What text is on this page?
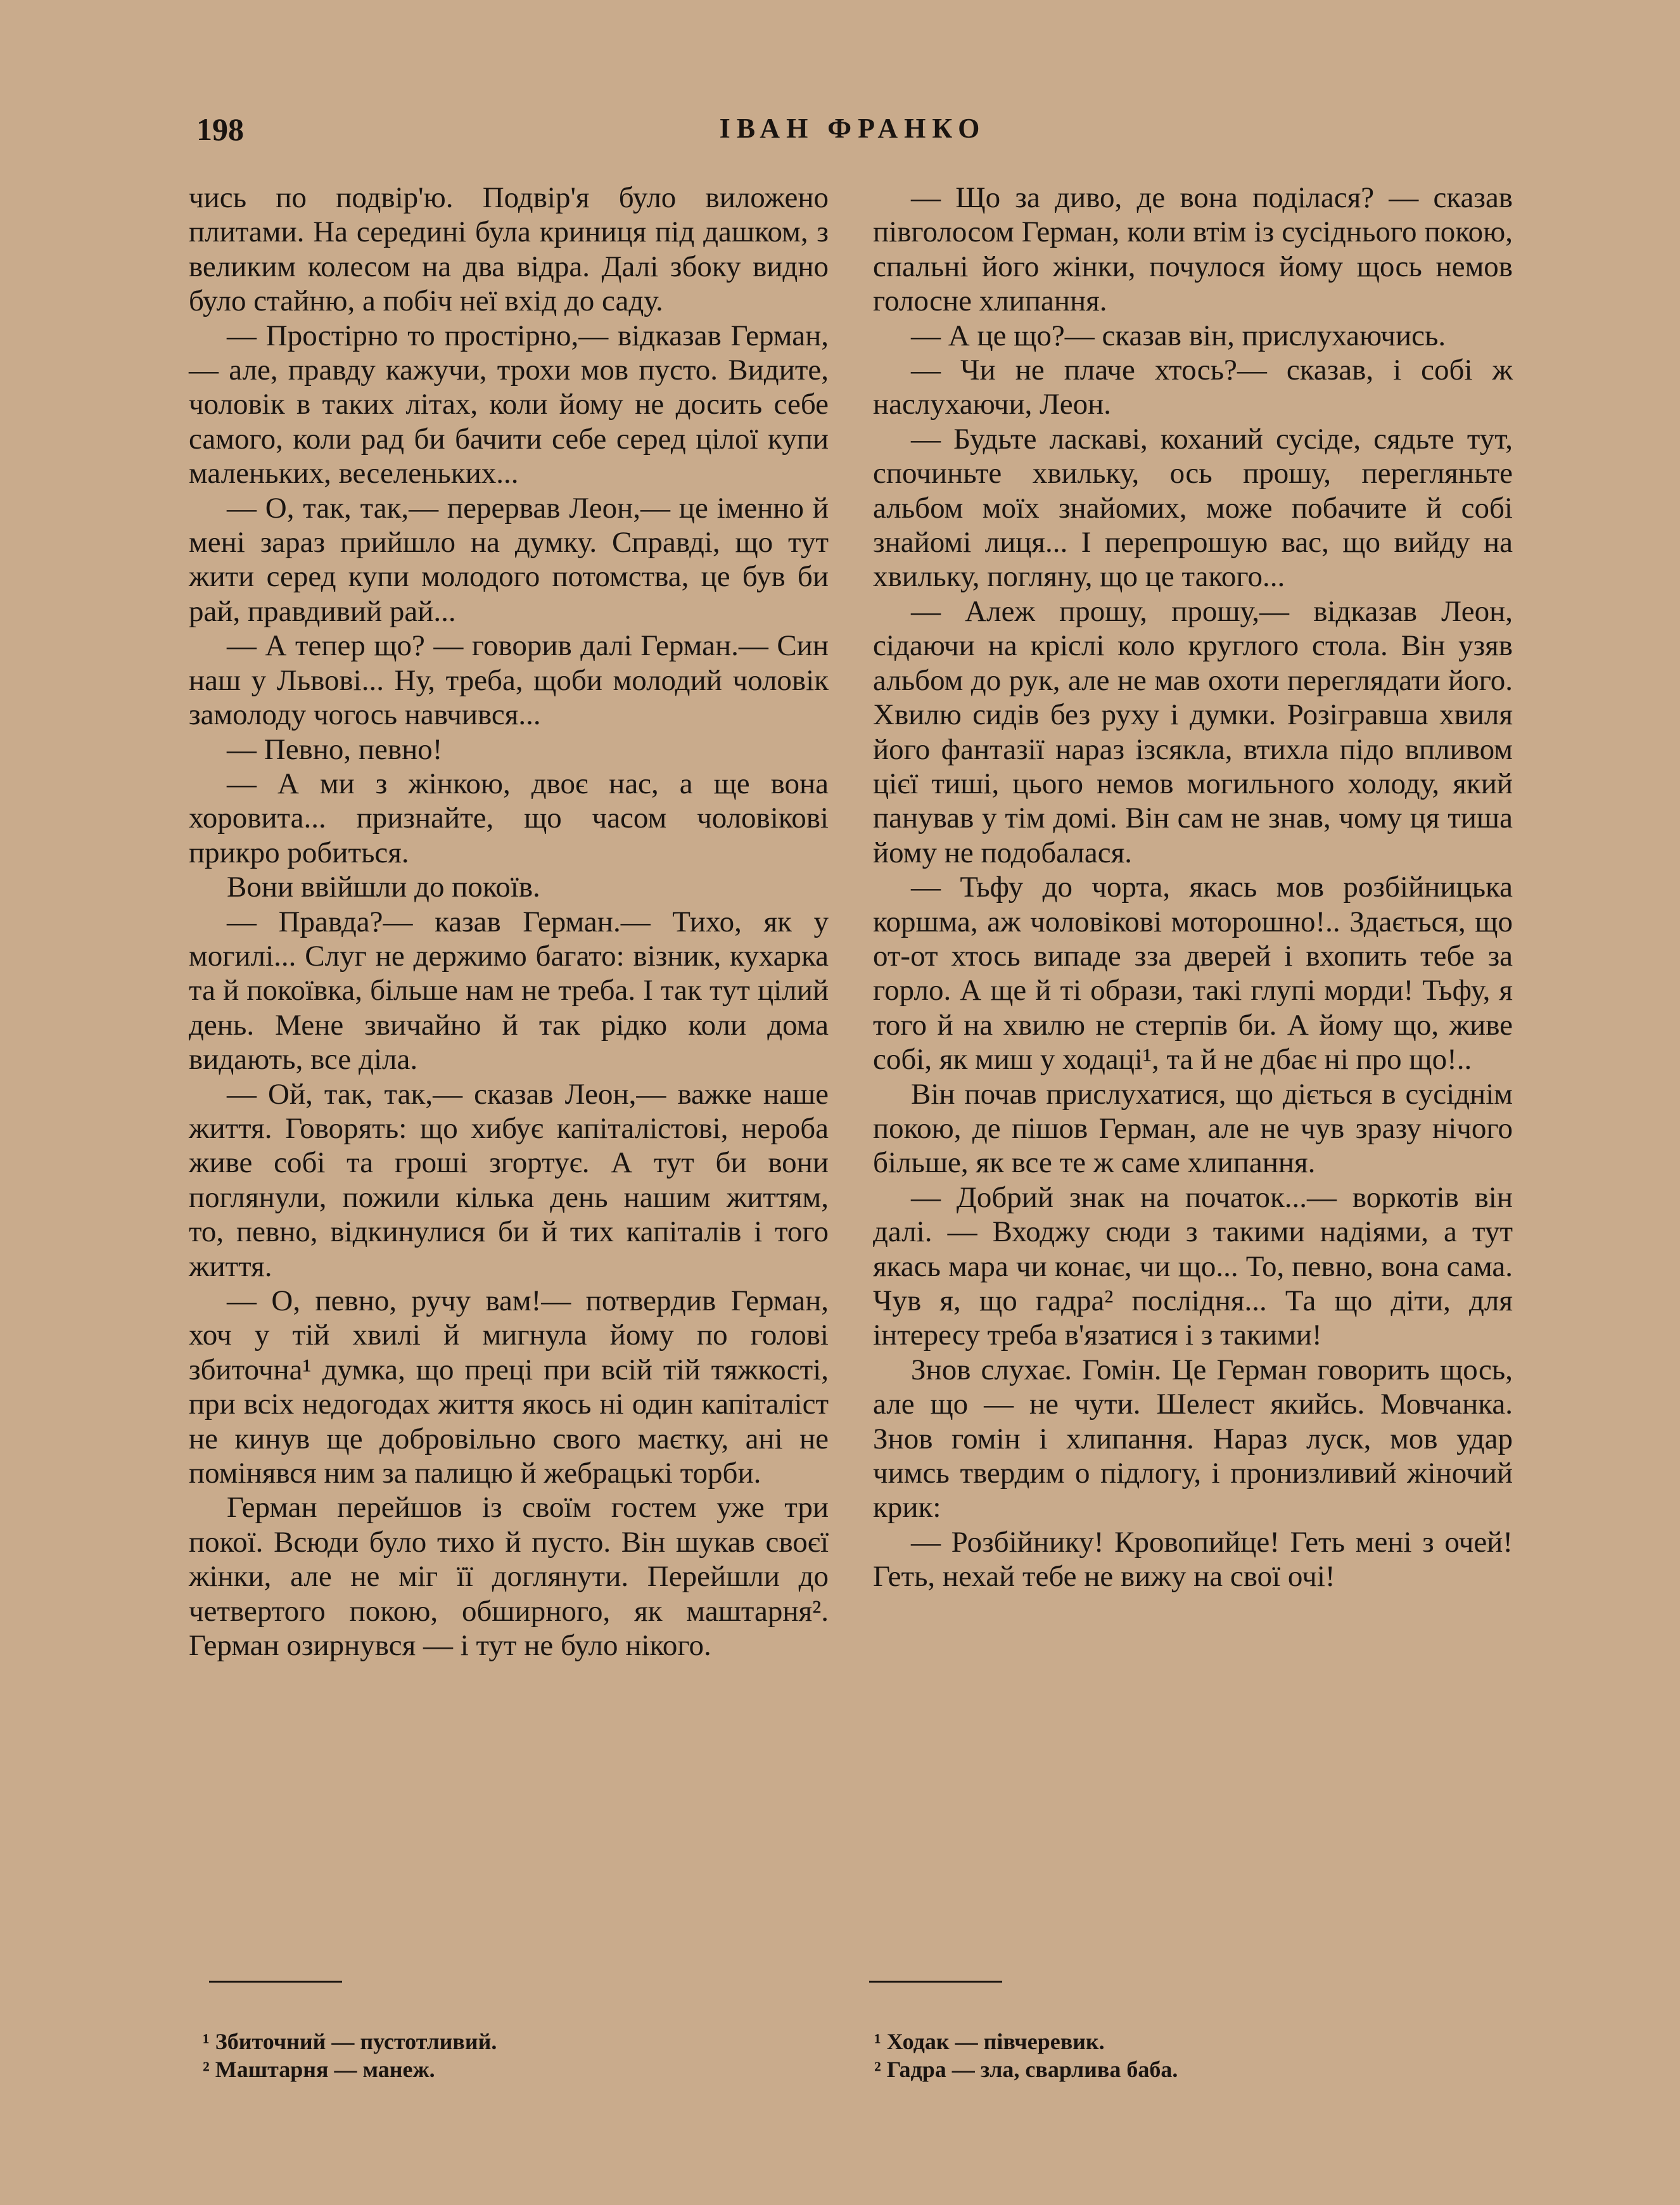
198	ІВАН ФРАНКО

чись по подвір'ю. Подвір'я було виложено плитами. На середині була криниця під дашком, з великим колесом на два відра. Далі збоку видно було стайню, а побіч неї вхід до саду.

— Простірно то простірно,— відказав Герман,— але, правду кажучи, трохи мов пусто. Видите, чоловік в таких літах, коли йому не досить себе самого, коли рад би бачити себе серед цілої купи маленьких, веселеньких...

— О, так, так,— перервав Леон,— це іменно й мені зараз прийшло на думку. Справді, що тут жити серед купи молодого потомства, це був би рай, правдивий рай...

— А тепер що? — говорив далі Герман.— Син наш у Львові... Ну, треба, щоби молодий чоловік замолоду чогось навчився...

— Певно, певно!

— А ми з жінкою, двоє нас, а ще вона хоровита... признайте, що часом чоловікові прикро робиться.

Вони ввійшли до покоїв.

— Правда?— казав Герман.— Тихо, як у могилі... Слуг не держимо багато: візник, кухарка та й покоївка, більше нам не треба. І так тут цілий день. Мене звичайно й так рідко коли дома видають, все діла.

— Ой, так, так,— сказав Леон,— важке наше життя. Говорять: що хибує капіталістові, нероба живе собі та гроші згортує. А тут би вони поглянули, пожили кілька день нашим життям, то, певно, відкинулися би й тих капіталів і того життя.

— О, певно, ручу вам!— потвердив Герман, хоч у тій хвилі й мигнула йому по голові збиточна¹ думка, що преці при всій тій тяжкості, при всіх недогодах життя якось ні один капіталіст не кинув ще добровільно свого маєтку, ані не помінявся ним за палицю й жебрацькі торби.

Герман перейшов із своїм гостем уже три покої. Всюди було тихо й пусто. Він шукав своєї жінки, але не міг її доглянути. Перейшли до четвертого покою, обширного, як маштарня². Герман озирнувся — і тут не було нікого.

— Що за диво, де вона поділася? — сказав півголосом Герман, коли втім із сусіднього покою, спальні його жінки, почулося йому щось немов голосне хлипання.

— А це що?— сказав він, прислухаючись.

— Чи не плаче хтось?— сказав, і собі ж наслухаючи, Леон.

— Будьте ласкаві, коханий сусіде, сядьте тут, спочиньте хвильку, ось прошу, перегляньте альбом моїх знайомих, може побачите й собі знайомі лиця... І перепрошую вас, що вийду на хвильку, погляну, що це такого...

— Алеж прошу, прошу,— відказав Леон, сідаючи на кріслі коло круглого стола. Він узяв альбом до рук, але не мав охоти переглядати його. Хвилю сидів без руху і думки. Розігравша хвиля його фантазії нараз ізсякла, втихла підо впливом цієї тиші, цього немов могильного холоду, який панував у тім домі. Він сам не знав, чому ця тиша йому не подобалася.

— Тьфу до чорта, якась мов розбійницька коршма, аж чоловікові моторошно!.. Здається, що от-от хтось випаде зза дверей і вхопить тебе за горло. А ще й ті образи, такі глупі морди! Тьфу, я того й на хвилю не стерпів би. А йому що, живе собі, як миш у ходаці¹, та й не дбає ні про що!..

Він почав прислухатися, що діється в сусіднім покою, де пішов Герман, але не чув зразу нічого більше, як все те ж саме хлипання.

— Добрий знак на початок...— воркотів він далі. — Входжу сюди з такими надіями, а тут якась мара чи конає, чи що... То, певно, вона сама. Чув я, що гадра² послідня... Та що діти, для інтересу треба в'язатися і з такими!

Знов слухає. Гомін. Це Герман говорить щось, але що — не чути. Шелест якийсь. Мовчанка. Знов гомін і хлипання. Нараз луск, мов удар чимсь твердим о підлогу, і пронизливий жіночий крик:

— Розбійнику! Кровопийце! Геть мені з очей! Геть, нехай тебе не вижу на свої очі!

¹ Збиточний — пустотливий.
² Маштарня — манеж.
¹ Ходак — півчеревик.
² Гадра — зла, сварлива баба.
